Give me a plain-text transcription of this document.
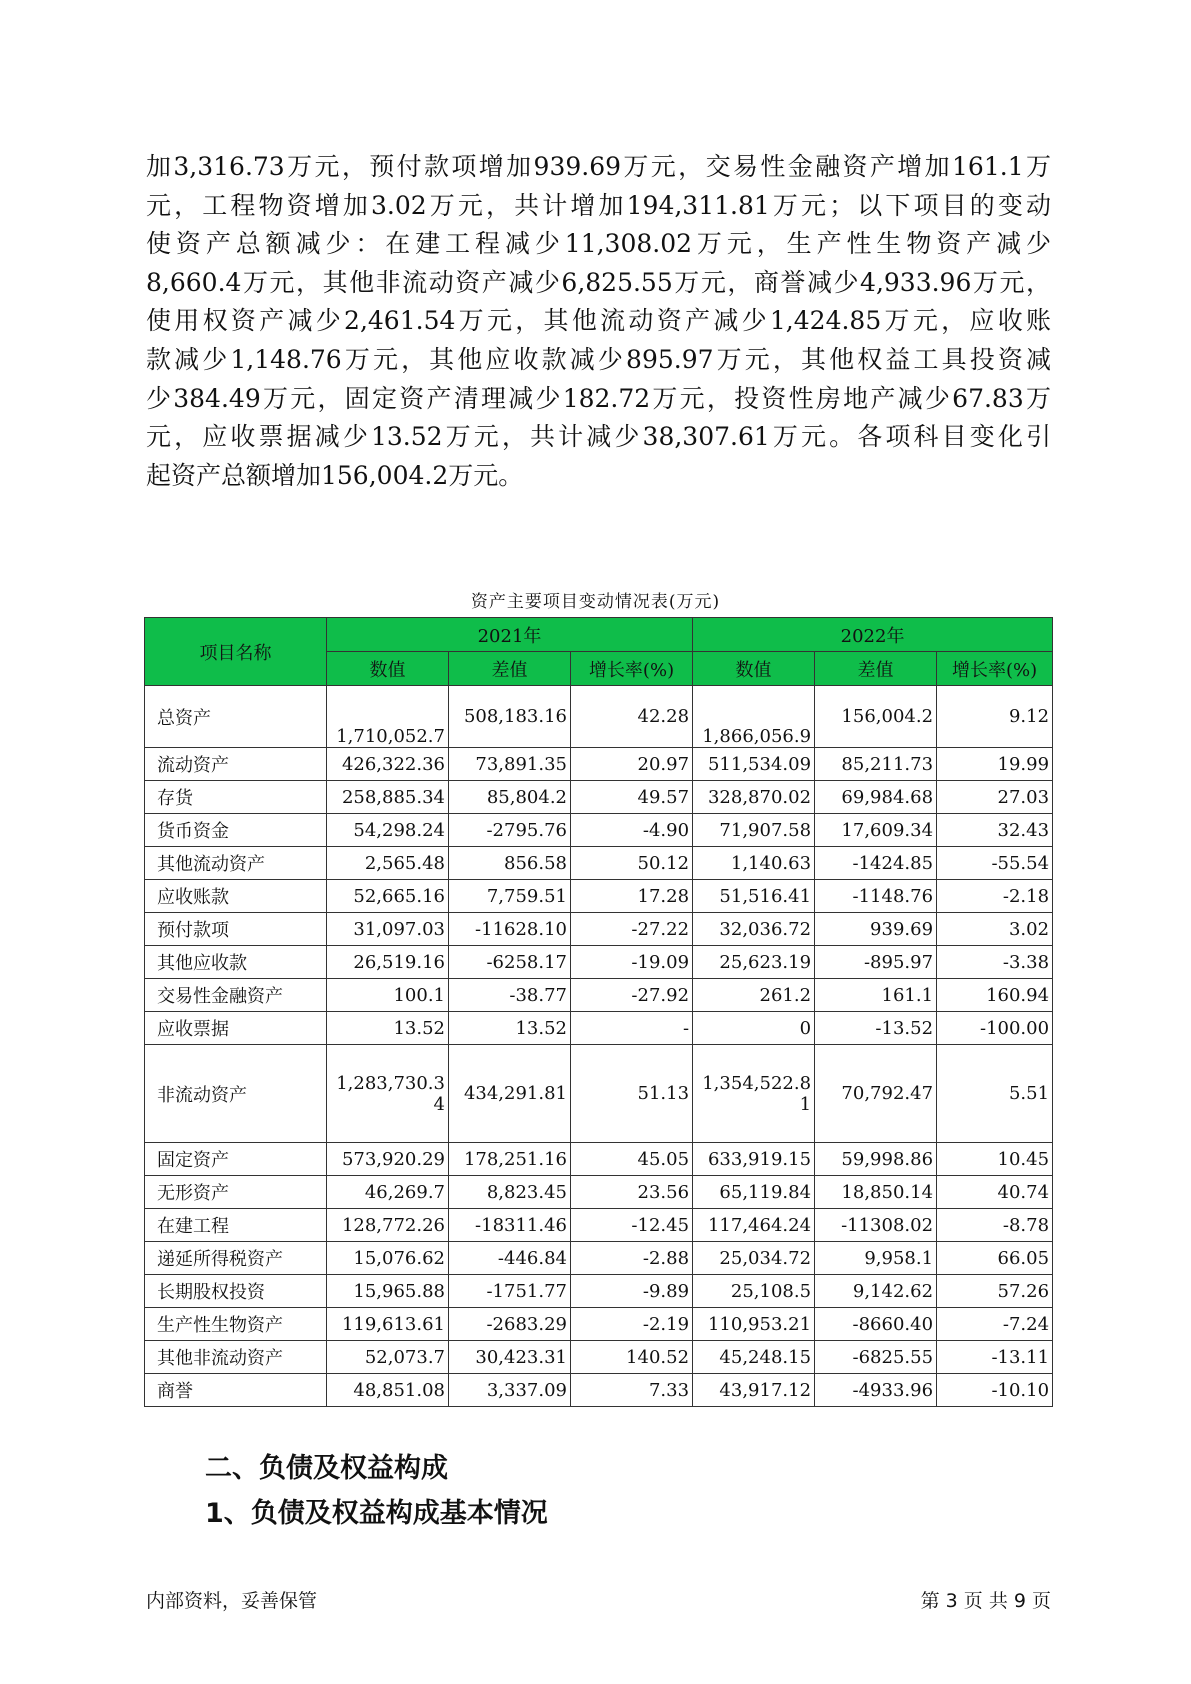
加3,316.73万元，预付款项增加939.69万元，交易性金融资产增加161.1万
元，工程物资增加3.02万元，共计增加194,311.81万元；以下项目的变动
使资产总额减少：在建工程减少11,308.02万元，生产性生物资产减少
8,660.4万元，其他非流动资产减少6,825.55万元，商誉减少4,933.96万元，
使用权资产减少2,461.54万元，其他流动资产减少1,424.85万元，应收账
款减少1,148.76万元，其他应收款减少895.97万元，其他权益工具投资减
少384.49万元，固定资产清理减少182.72万元，投资性房地产减少67.83万
元，应收票据减少13.52万元，共计减少38,307.61万元。各项科目变化引
起资产总额增加156,004.2万元。
资产主要项目变动情况表(万元)
项目名称	2021年			2022年		
	数值	差值	增长率(%)	数值	差值	增长率(%)
总资产	1,710,052.7	508,183.16	42.28	1,866,056.9	156,004.2	9.12
流动资产	426,322.36	73,891.35	20.97	511,534.09	85,211.73	19.99
存货	258,885.34	85,804.2	49.57	328,870.02	69,984.68	27.03
货币资金	54,298.24	-2795.76	-4.90	71,907.58	17,609.34	32.43
其他流动资产	2,565.48	856.58	50.12	1,140.63	-1424.85	-55.54
应收账款	52,665.16	7,759.51	17.28	51,516.41	-1148.76	-2.18
预付款项	31,097.03	-11628.10	-27.22	32,036.72	939.69	3.02
其他应收款	26,519.16	-6258.17	-19.09	25,623.19	-895.97	-3.38
交易性金融资产	100.1	-38.77	-27.92	261.2	161.1	160.94
应收票据	13.52	13.52	-	0	-13.52	-100.00
非流动资产	1,283,730.34	434,291.81	51.13	1,354,522.81	70,792.47	5.51
固定资产	573,920.29	178,251.16	45.05	633,919.15	59,998.86	10.45
无形资产	46,269.7	8,823.45	23.56	65,119.84	18,850.14	40.74
在建工程	128,772.26	-18311.46	-12.45	117,464.24	-11308.02	-8.78
递延所得税资产	15,076.62	-446.84	-2.88	25,034.72	9,958.1	66.05
长期股权投资	15,965.88	-1751.77	-9.89	25,108.5	9,142.62	57.26
生产性生物资产	119,613.61	-2683.29	-2.19	110,953.21	-8660.40	-7.24
其他非流动资产	52,073.7	30,423.31	140.52	45,248.15	-6825.55	-13.11
商誉	48,851.08	3,337.09	7.33	43,917.12	-4933.96	-10.10
二、负债及权益构成
1、负债及权益构成基本情况
内部资料，妥善保管	第 3 页 共 9 页
